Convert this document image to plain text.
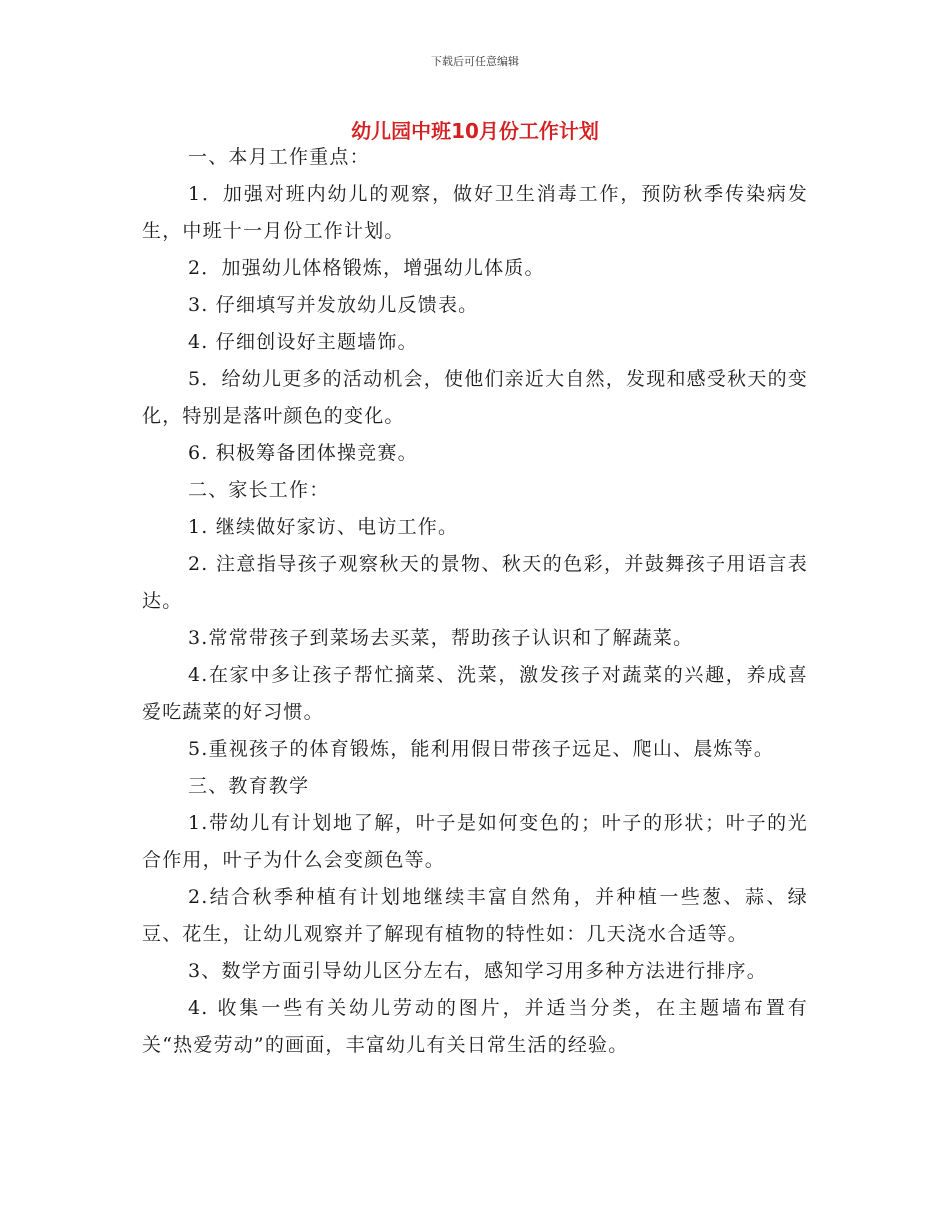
下载后可任意编辑
幼儿园中班10月份工作计划

一、本月工作重点：

1．加强对班内幼儿的观察，做好卫生消毒工作，预防秋季传染病发生，中班十一月份工作计划。

2．加强幼儿体格锻炼，增强幼儿体质。

3. 仔细填写并发放幼儿反馈表。

4. 仔细创设好主题墙饰。

5．给幼儿更多的活动机会，使他们亲近大自然，发现和感受秋天的变化，特别是落叶颜色的变化。

6. 积极筹备团体操竞赛。

二、家长工作：

1. 继续做好家访、电访工作。

2. 注意指导孩子观察秋天的景物、秋天的色彩，并鼓舞孩子用语言表达。

3.常常带孩子到菜场去买菜，帮助孩子认识和了解蔬菜。

4.在家中多让孩子帮忙摘菜、洗菜，激发孩子对蔬菜的兴趣，养成喜爱吃蔬菜的好习惯。

5.重视孩子的体育锻炼，能利用假日带孩子远足、爬山、晨炼等。

三、教育教学

1.带幼儿有计划地了解，叶子是如何变色的；叶子的形状；叶子的光合作用，叶子为什么会变颜色等。

2.结合秋季种植有计划地继续丰富自然角，并种植一些葱、蒜、绿豆、花生，让幼儿观察并了解现有植物的特性如：几天浇水合适等。

3、数学方面引导幼儿区分左右，感知学习用多种方法进行排序。

4. 收集一些有关幼儿劳动的图片，并适当分类，在主题墙布置有关“热爱劳动”的画面，丰富幼儿有关日常生活的经验。
